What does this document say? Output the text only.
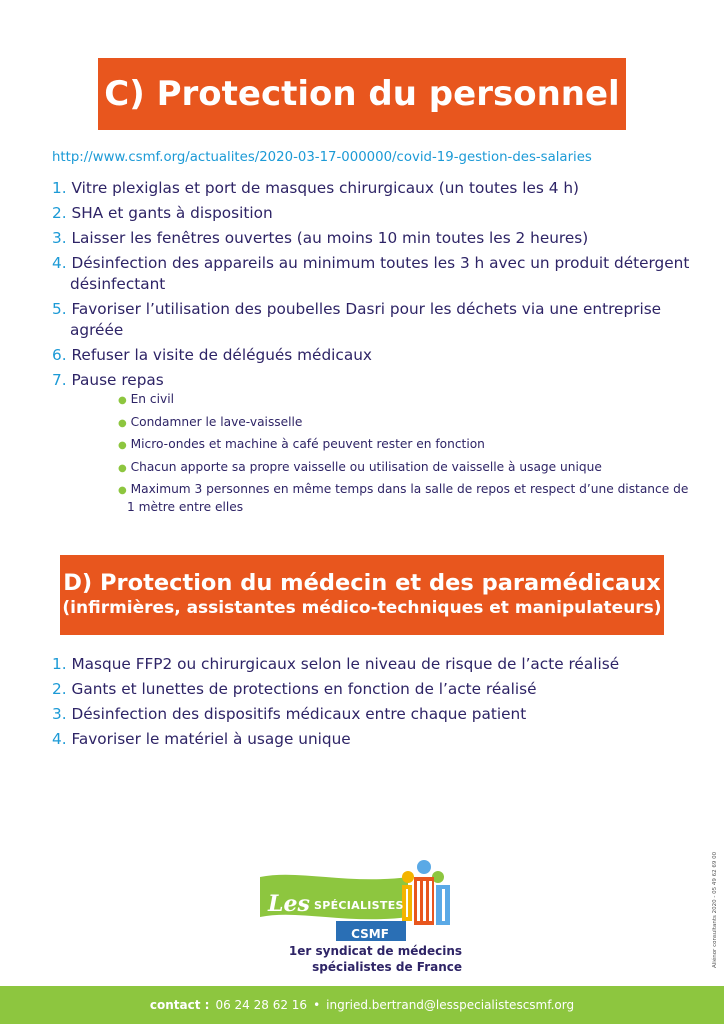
C) Protection du personnel
http://www.csmf.org/actualites/2020-03-17-000000/covid-19-gestion-des-salaries
1. Vitre plexiglas et port de masques chirurgicaux (un toutes les 4 h)
2. SHA et gants à disposition
3. Laisser les fenêtres ouvertes (au moins 10 min toutes les 2 heures)
4. Désinfection des appareils au minimum toutes les 3 h avec un produit détergent désinfectant
5. Favoriser l’utilisation des poubelles Dasri pour les déchets via une entreprise agréée
6. Refuser la visite de délégués médicaux
7. Pause repas
● En civil
● Condamner le lave-vaisselle
● Micro-ondes et machine à café peuvent rester en fonction
● Chacun apporte sa propre vaisselle ou utilisation de vaisselle à usage unique
● Maximum 3 personnes en même temps dans la salle de repos et respect d’une distance de 1 mètre entre elles
D) Protection du médecin et des paramédicaux
(infirmières, assistantes médico-techniques et manipulateurs)
1. Masque FFP2 ou chirurgicaux selon le niveau de risque de l’acte réalisé
2. Gants et lunettes de protections en fonction de l’acte réalisé
3. Désinfection des dispositifs médicaux entre chaque patient
4. Favoriser le matériel à usage unique
Les SPÉCIALISTES
CSMF
1er syndicat de médecins
spécialistes de France	Aliénor consultants 2020 - 05 49 62 69 00
contact : 06 24 28 62 16 • ingried.bertrand@lesspecialistescsmf.org
